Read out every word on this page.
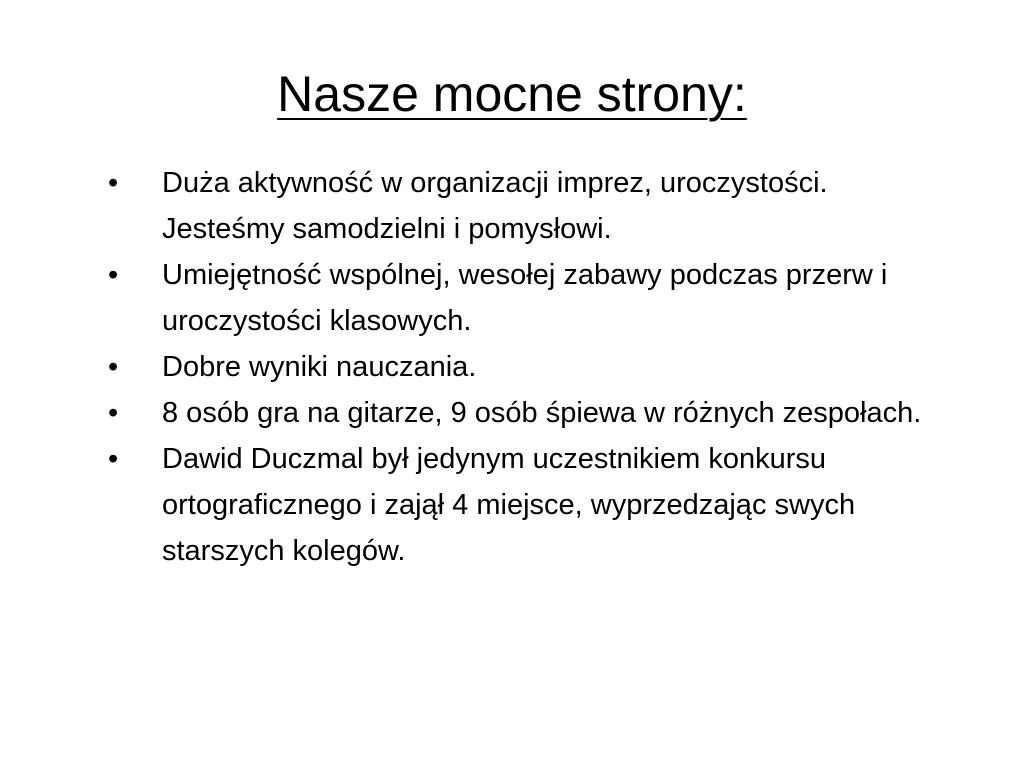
Nasze mocne strony:
•	Duża aktywność w organizacji imprez, uroczystości. Jesteśmy samodzielni i pomysłowi.
•	Umiejętność wspólnej, wesołej zabawy podczas przerw i uroczystości klasowych.
•	Dobre wyniki nauczania.
•	8 osób gra na gitarze, 9 osób śpiewa w różnych zespołach.
•	Dawid Duczmal był jedynym uczestnikiem konkursu ortograficznego i zajął 4 miejsce, wyprzedzając swych starszych kolegów.
